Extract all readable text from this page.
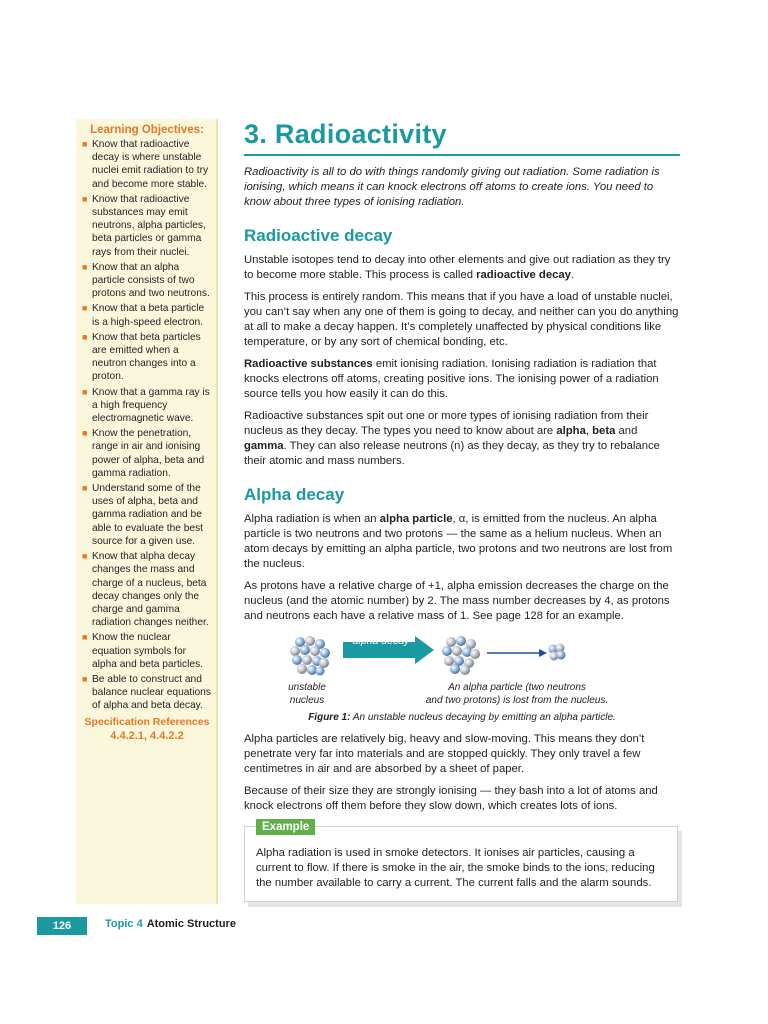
Learning Objectives:
■ Know that radioactive decay is where unstable nuclei emit radiation to try and become more stable.
■ Know that radioactive substances may emit neutrons, alpha particles, beta particles or gamma rays from their nuclei.
■ Know that an alpha particle consists of two protons and two neutrons.
■ Know that a beta particle is a high-speed electron.
■ Know that beta particles are emitted when a neutron changes into a proton.
■ Know that a gamma ray is a high frequency electromagnetic wave.
■ Know the penetration, range in air and ionising power of alpha, beta and gamma radiation.
■ Understand some of the uses of alpha, beta and gamma radiation and be able to evaluate the best source for a given use.
■ Know that alpha decay changes the mass and charge of a nucleus, beta decay changes only the charge and gamma radiation changes neither.
■ Know the nuclear equation symbols for alpha and beta particles.
■ Be able to construct and balance nuclear equations of alpha and beta decay.
Specification References
4.4.2.1, 4.4.2.2
3. Radioactivity

Radioactivity is all to do with things randomly giving out radiation. Some radiation is ionising, which means it can knock electrons off atoms to create ions. You need to know about three types of ionising radiation.

Radioactive decay

Unstable isotopes tend to decay into other elements and give out radiation as they try to become more stable. This process is called radioactive decay.

This process is entirely random. This means that if you have a load of unstable nuclei, you can’t say when any one of them is going to decay, and neither can you do anything at all to make a decay happen. It’s completely unaffected by physical conditions like temperature, or by any sort of chemical bonding, etc.

Radioactive substances emit ionising radiation. Ionising radiation is radiation that knocks electrons off atoms, creating positive ions. The ionising power of a radiation source tells you how easily it can do this.

Radioactive substances spit out one or more types of ionising radiation from their nucleus as they decay. The types you need to know about are alpha, beta and gamma. They can also release neutrons (n) as they decay, as they try to rebalance their atomic and mass numbers.

Alpha decay

Alpha radiation is when an alpha particle, α, is emitted from the nucleus. An alpha particle is two neutrons and two protons — the same as a helium nucleus. When an atom decays by emitting an alpha particle, two protons and two neutrons are lost from the nucleus.

As protons have a relative charge of +1, alpha emission decreases the charge on the nucleus (and the atomic number) by 2. The mass number decreases by 4, as protons and neutrons each have a relative mass of 1. See page 128 for an example.

alpha decay
unstable
nucleus
An alpha particle (two neutrons
and two protons) is lost from the nucleus.
Figure 1: An unstable nucleus decaying by emitting an alpha particle.

Alpha particles are relatively big, heavy and slow-moving. This means they don’t penetrate very far into materials and are stopped quickly. They only travel a few centimetres in air and are absorbed by a sheet of paper.

Because of their size they are strongly ionising — they bash into a lot of atoms and knock electrons off them before they slow down, which creates lots of ions.

Example
Alpha radiation is used in smoke detectors. It ionises air particles, causing a current to flow. If there is smoke in the air, the smoke binds to the ions, reducing the number available to carry a current. The current falls and the alarm sounds.
126	Topic 4 Atomic Structure
